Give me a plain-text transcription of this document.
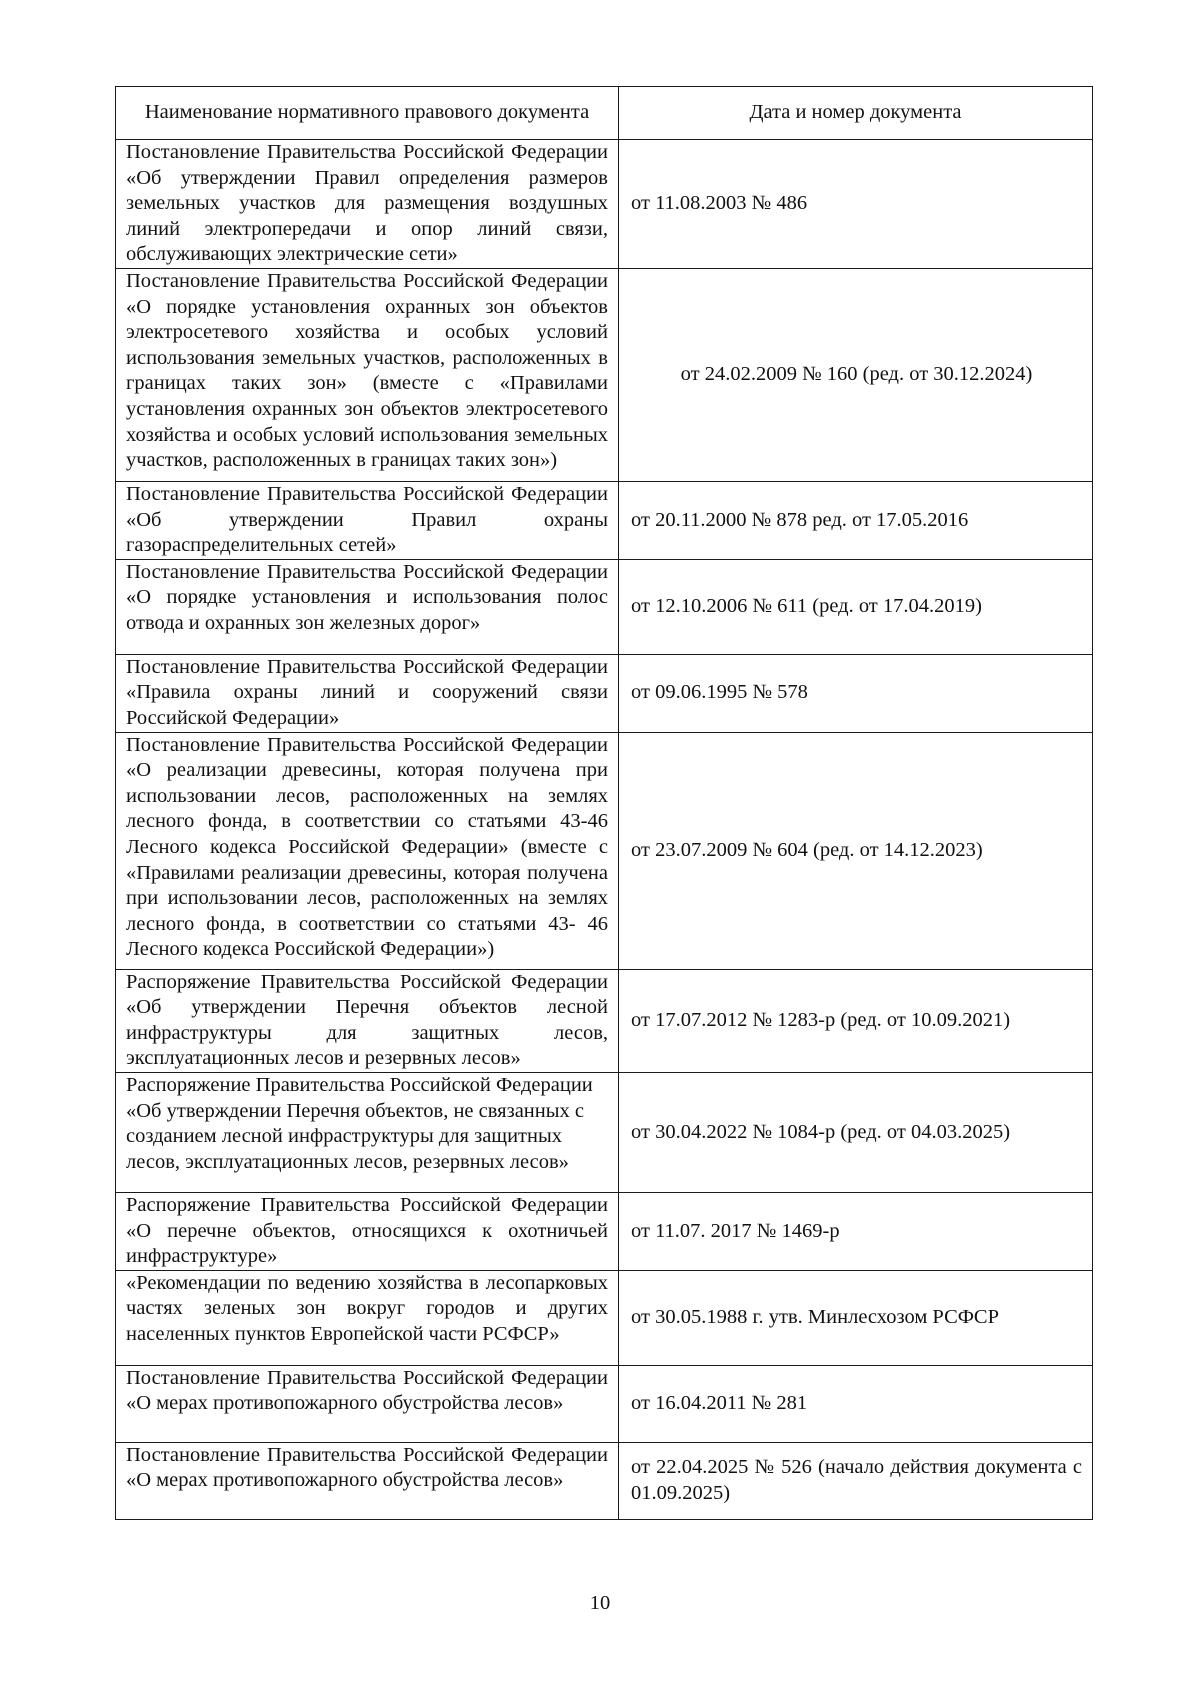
Наименование нормативного правового документа	Дата и номер документа
Постановление Правительства Российской Федерации «Об утверждении Правил определения размеров земельных участков для размещения воздушных линий электропередачи и опор линий связи, обслуживающих электрические сети»	от 11.08.2003 № 486
Постановление Правительства Российской Федерации «О порядке установления охранных зон объектов электросетевого хозяйства и особых условий использования земельных участков, расположенных в границах таких зон» (вместе с «Правилами установления охранных зон объектов электросетевого хозяйства и особых условий использования земельных участков, расположенных в границах таких зон»)	от 24.02.2009 № 160 (ред. от 30.12.2024)
Постановление Правительства Российской Федерации «Об утверждении Правил охраны газораспределительных сетей»	от 20.11.2000 № 878 ред. от 17.05.2016
Постановление Правительства Российской Федерации «О порядке установления и использования полос отвода и охранных зон железных дорог»	от 12.10.2006 № 611 (ред. от 17.04.2019)
Постановление Правительства Российской Федерации «Правила охраны линий и сооружений связи Российской Федерации»	от 09.06.1995 № 578
Постановление Правительства Российской Федерации «О реализации древесины, которая получена при использовании лесов, расположенных на землях лесного фонда, в соответствии со статьями 43-46 Лесного кодекса Российской Федерации» (вместе с «Правилами реализации древесины, которая получена при использовании лесов, расположенных на землях лесного фонда, в соответствии со статьями 43- 46 Лесного кодекса Российской Федерации»)	от 23.07.2009 № 604 (ред. от 14.12.2023)
Распоряжение Правительства Российской Федерации «Об утверждении Перечня объектов лесной инфраструктуры для защитных лесов, эксплуатационных лесов и резервных лесов»	от 17.07.2012 № 1283-р (ред. от 10.09.2021)
Распоряжение Правительства Российской Федерации «Об утверждении Перечня объектов, не связанных с созданием лесной инфраструктуры для защитных лесов, эксплуатационных лесов, резервных лесов»	от 30.04.2022 № 1084-р (ред. от 04.03.2025)
Распоряжение Правительства Российской Федерации «О перечне объектов, относящихся к охотничьей инфраструктуре»	от 11.07. 2017 № 1469-р
«Рекомендации по ведению хозяйства в лесопарковых частях зеленых зон вокруг городов и других населенных пунктов Европейской части РСФСР»	от 30.05.1988 г. утв. Минлесхозом РСФСР
Постановление Правительства Российской Федерации «О мерах противопожарного обустройства лесов»	от 16.04.2011 № 281
Постановление Правительства Российской Федерации «О мерах противопожарного обустройства лесов»	от 22.04.2025 № 526 (начало действия документа с 01.09.2025)
10
